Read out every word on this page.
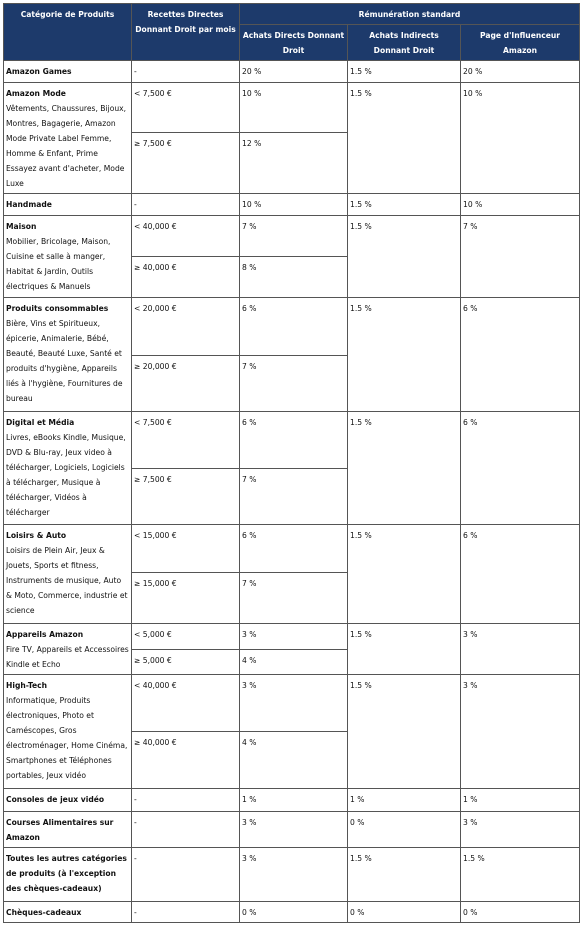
Catégorie de Produits	Recettes Directes Donnant Droit par mois	Rémunération standard		
		Achats Directs Donnant Droit	Achats Indirects Donnant Droit	Page d'Influenceur Amazon

Amazon Games	-	20 %	1.5 %	20 %

Amazon Mode
Vêtements, Chaussures, Bijoux, Montres, Bagagerie, Amazon Mode Private Label Femme, Homme & Enfant, Prime Essayez avant d'acheter, Mode Luxe	< 7,500 €	10 %	1.5 %	10 %
	≥ 7,500 €	12 %		

Handmade	-	10 %	1.5 %	10 %

Maison
Mobilier, Bricolage, Maison, Cuisine et salle à manger, Habitat & Jardin, Outils électriques & Manuels	< 40,000 €	7 %	1.5 %	7 %
	≥ 40,000 €	8 %		

Produits consommables
Bière, Vins et Spiritueux, épicerie, Animalerie, Bébé, Beauté, Beauté Luxe, Santé et produits d'hygiène, Appareils liés à l'hygiène, Fournitures de bureau	< 20,000 €	6 %	1.5 %	6 %
	≥ 20,000 €	7 %		

Digital et Média
Livres, eBooks Kindle, Musique, DVD & Blu-ray, Jeux video à télécharger, Logiciels, Logiciels à télécharger, Musique à télécharger, Vidéos à télécharger	< 7,500 €	6 %	1.5 %	6 %
	≥ 7,500 €	7 %		

Loisirs & Auto
Loisirs de Plein Air, Jeux & Jouets, Sports et fitness, Instruments de musique, Auto & Moto, Commerce, industrie et science	< 15,000 €	6 %	1.5 %	6 %
	≥ 15,000 €	7 %		

Appareils Amazon
Fire TV, Appareils et Accessoires Kindle et Echo	< 5,000 €	3 %	1.5 %	3 %
	≥ 5,000 €	4 %		

High-Tech
Informatique, Produits électroniques, Photo et Caméscopes, Gros électroménager, Home Cinéma, Smartphones et Téléphones portables, Jeux vidéo	< 40,000 €	3 %	1.5 %	3 %
	≥ 40,000 €	4 %		

Consoles de jeux vidéo	-	1 %	1 %	1 %

Courses Alimentaires sur Amazon	-	3 %	0 %	3 %

Toutes les autres catégories de produits (à l'exception des chèques-cadeaux)	-	3 %	1.5 %	1.5 %

Chèques-cadeaux	-	0 %	0 %	0 %
